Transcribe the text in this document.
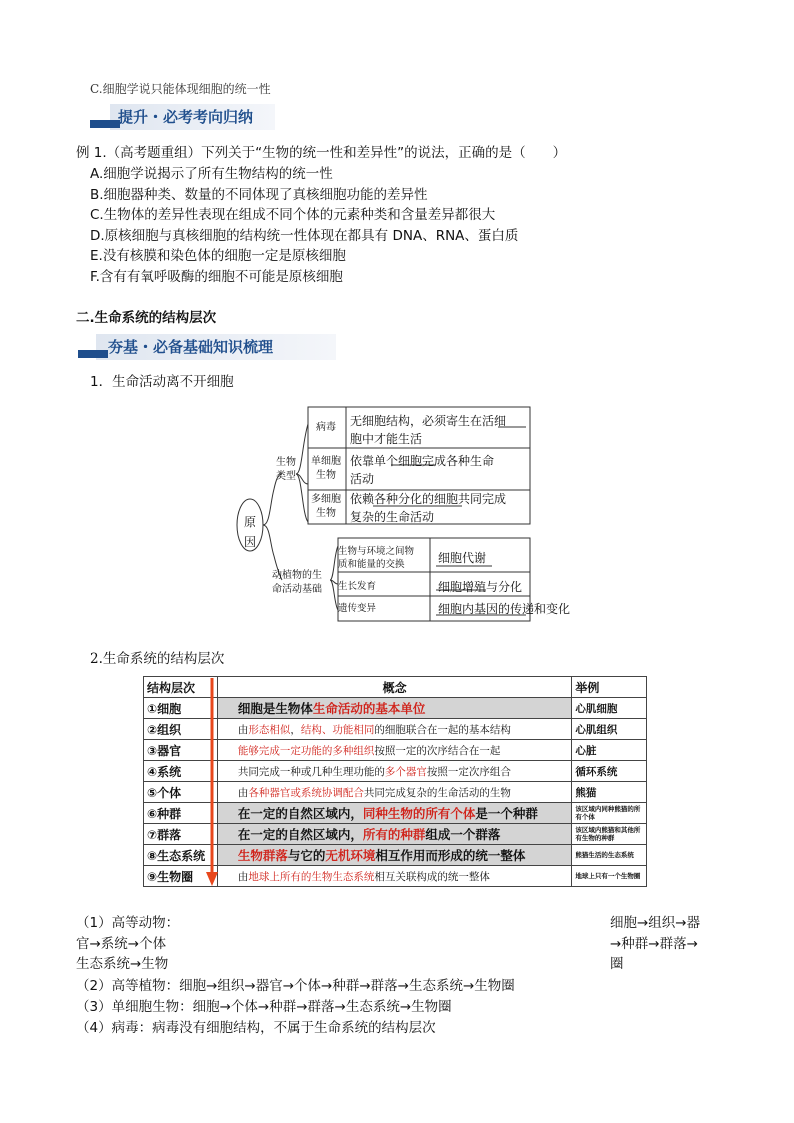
C.细胞学说只能体现细胞的统一性
提升・必考考向归纳
例 1.（高考题重组）下列关于“生物的统一性和差异性”的说法，正确的是（　　）
A.细胞学说揭示了所有生物结构的统一性
B.细胞器种类、数量的不同体现了真核细胞功能的差异性
C.生物体的差异性表现在组成不同个体的元素种类和含量差异都很大
D.原核细胞与真核细胞的结构统一性体现在都具有 DNA、RNA、蛋白质
E.没有核膜和染色体的细胞一定是原核细胞
F.含有有氧呼吸酶的细胞不可能是原核细胞
二.生命系统的结构层次
夯基・必备基础知识梳理
1．生命活动离不开细胞
原
因
生物
类型
动植物的生
命活动基础
病毒	无细胞结构，必须寄生在活细
胞中才能生活
单细胞
生物
依靠单个细胞完成各种生命
活动
多细胞
生物
依赖各种分化的细胞共同完成
复杂的生命活动
生物与环境之间物
质和能量的交换	细胞代谢
生长发育	细胞增殖与分化
遗传变异	细胞内基因的传递和变化
2.生命系统的结构层次
结构层次	概念	举例
①细胞	细胞是生物体生命活动的基本单位	心肌细胞
②组织	由形态相似，结构、功能相同的细胞联合在一起的基本结构	心肌组织
③器官	能够完成一定功能的多种组织按照一定的次序结合在一起	心脏
④系统	共同完成一种或几种生理功能的多个器官按照一定次序组合	循环系统
⑤个体	由各种器官或系统协调配合共同完成复杂的生命活动的生物	熊猫
⑥种群	在一定的自然区域内，同种生物的所有个体是一个种群	该区域内同种熊猫的所有个体
⑦群落	在一定的自然区域内，所有的种群组成一个群落	该区域内熊猫和其他所有生物的种群
⑧生态系统	生物群落与它的无机环境相互作用而形成的统一整体	熊猫生活的生态系统
⑨生物圈	由地球上所有的生物生态系统相互关联构成的统一整体	地球上只有一个生物圈
（1）高等动物：	细胞→组织→器
官→系统→个体	→种群→群落→
生态系统→生物	圈
（2）高等植物：细胞→组织→器官→个体→种群→群落→生态系统→生物圈
（3）单细胞生物：细胞→个体→种群→群落→生态系统→生物圈
（4）病毒：病毒没有细胞结构，不属于生命系统的结构层次
